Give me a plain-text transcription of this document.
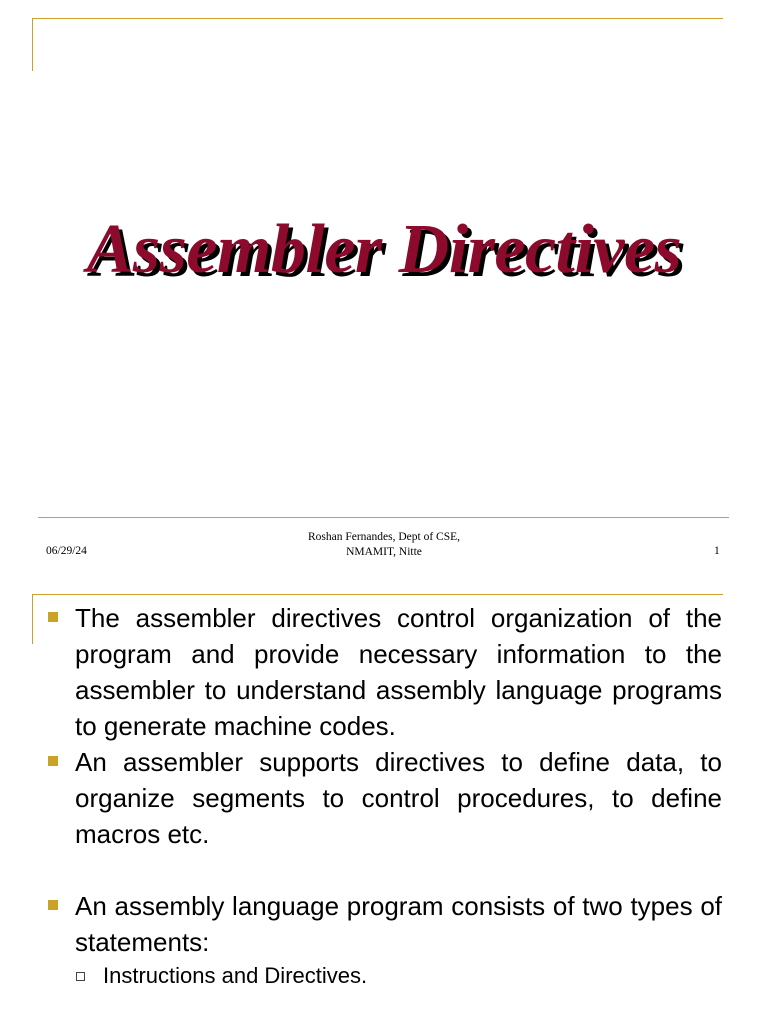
Assembler Directives
06/29/24
Roshan Fernandes, Dept of CSE,
NMAMIT, Nitte	1
The assembler directives control organization of the program and provide necessary information to the assembler to understand assembly language programs to generate machine codes.
An assembler supports directives to define data, to organize segments to control procedures, to define macros etc.
An assembly language program consists of two types of statements:
Instructions and Directives.
